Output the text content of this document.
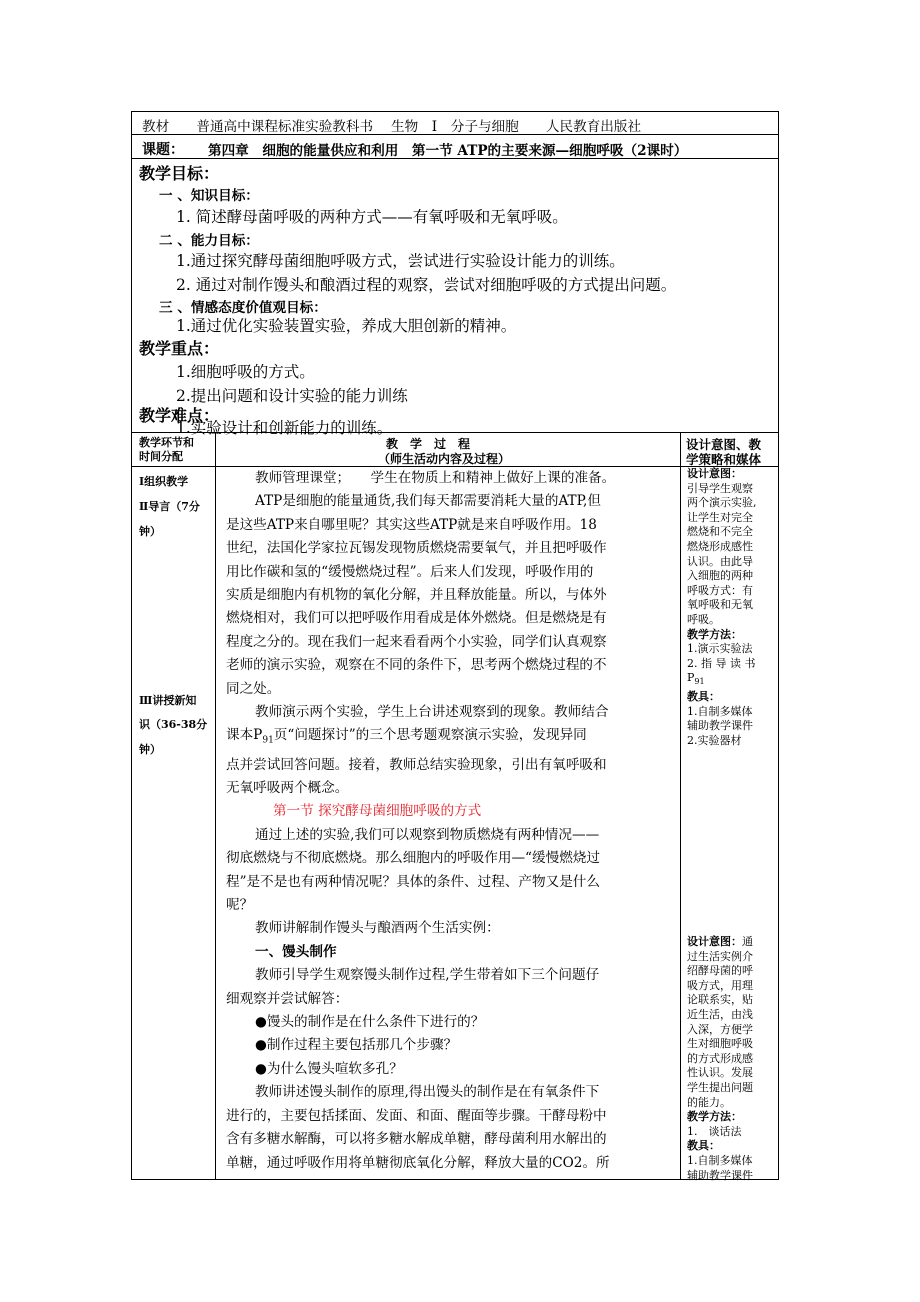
教材　　普通高中课程标准实验教科书　 生物　Ⅰ　分子与细胞　　人民教育出版社
课题： 第四章　细胞的能量供应和利用　第一节 ATP的主要来源—细胞呼吸（2课时）
教学目标：
一 、知识目标：
1. 简述酵母菌呼吸的两种方式——有氧呼吸和无氧呼吸。
二 、能力目标：
1.通过探究酵母菌细胞呼吸方式，尝试进行实验设计能力的训练。
2. 通过对制作馒头和酿酒过程的观察，尝试对细胞呼吸的方式提出问题。
三 、情感态度价值观目标：
1.通过优化实验装置实验，养成大胆创新的精神。
教学重点：
1.细胞呼吸的方式。
2.提出问题和设计实验的能力训练
教学难点：
1.实验设计和创新能力的训练。
教学环节和
时间分配
教　学　过　程
（师生活动内容及过程）
设计意图、教
学策略和媒体
Ⅰ组织教学
Ⅱ导言（7分
钟）
Ⅲ讲授新知
识（36-38分
钟）
教师管理课堂；　　学生在物质上和精神上做好上课的准备。
ATP是细胞的能量通货,我们每天都需要消耗大量的ATP,但
是这些ATP来自哪里呢？其实这些ATP就是来自呼吸作用。18
世纪，法国化学家拉瓦锡发现物质燃烧需要氧气，并且把呼吸作
用比作碳和氢的“缓慢燃烧过程”。后来人们发现，呼吸作用的
实质是细胞内有机物的氧化分解，并且释放能量。所以，与体外
燃烧相对，我们可以把呼吸作用看成是体外燃烧。但是燃烧是有
程度之分的。现在我们一起来看看两个小实验，同学们认真观察
老师的演示实验，观察在不同的条件下，思考两个燃烧过程的不
同之处。
教师演示两个实验，学生上台讲述观察到的现象。教师结合
课本$P_{91}$页“问题探讨”的三个思考题观察演示实验，发现异同
点并尝试回答问题。接着，教师总结实验现象，引出有氧呼吸和
无氧呼吸两个概念。
第一节 探究酵母菌细胞呼吸的方式
通过上述的实验,我们可以观察到物质燃烧有两种情况——
彻底燃烧与不彻底燃烧。那么细胞内的呼吸作用—“缓慢燃烧过
程”是不是也有两种情况呢？具体的条件、过程、产物又是什么
呢？
教师讲解制作馒头与酿酒两个生活实例：
一、馒头制作
教师引导学生观察馒头制作过程,学生带着如下三个问题仔
细观察并尝试解答：
●馒头的制作是在什么条件下进行的？
●制作过程主要包括那几个步骤？
●为什么馒头喧软多孔？
教师讲述馒头制作的原理,得出馒头的制作是在有氧条件下
进行的，主要包括揉面、发面、和面、醒面等步骤。干酵母粉中
含有多糖水解酶，可以将多糖水解成单糖，酵母菌利用水解出的
单糖，通过呼吸作用将单糖彻底氧化分解，释放大量的CO2。所
设计意图：
引导学生观察
两个演示实验,
让学生对完全
燃烧和不完全
燃烧形成感性
认识。由此导
入细胞的两种
呼吸方式：有
氧呼吸和无氧
呼吸。
教学方法：
1.演示实验法
2. 指 导 读 书
$P_{91}$
教具：
1.自制多媒体
辅助教学课件
2.实验器材
设计意图：通
过生活实例介
绍酵母菌的呼
吸方式，用理
论联系实，贴
近生活，由浅
入深，方便学
生对细胞呼吸
的方式形成感
性认识。发展
学生提出问题
的能力。
教学方法：
1.　谈话法
教具：
1.自制多媒体
辅助教学课件
